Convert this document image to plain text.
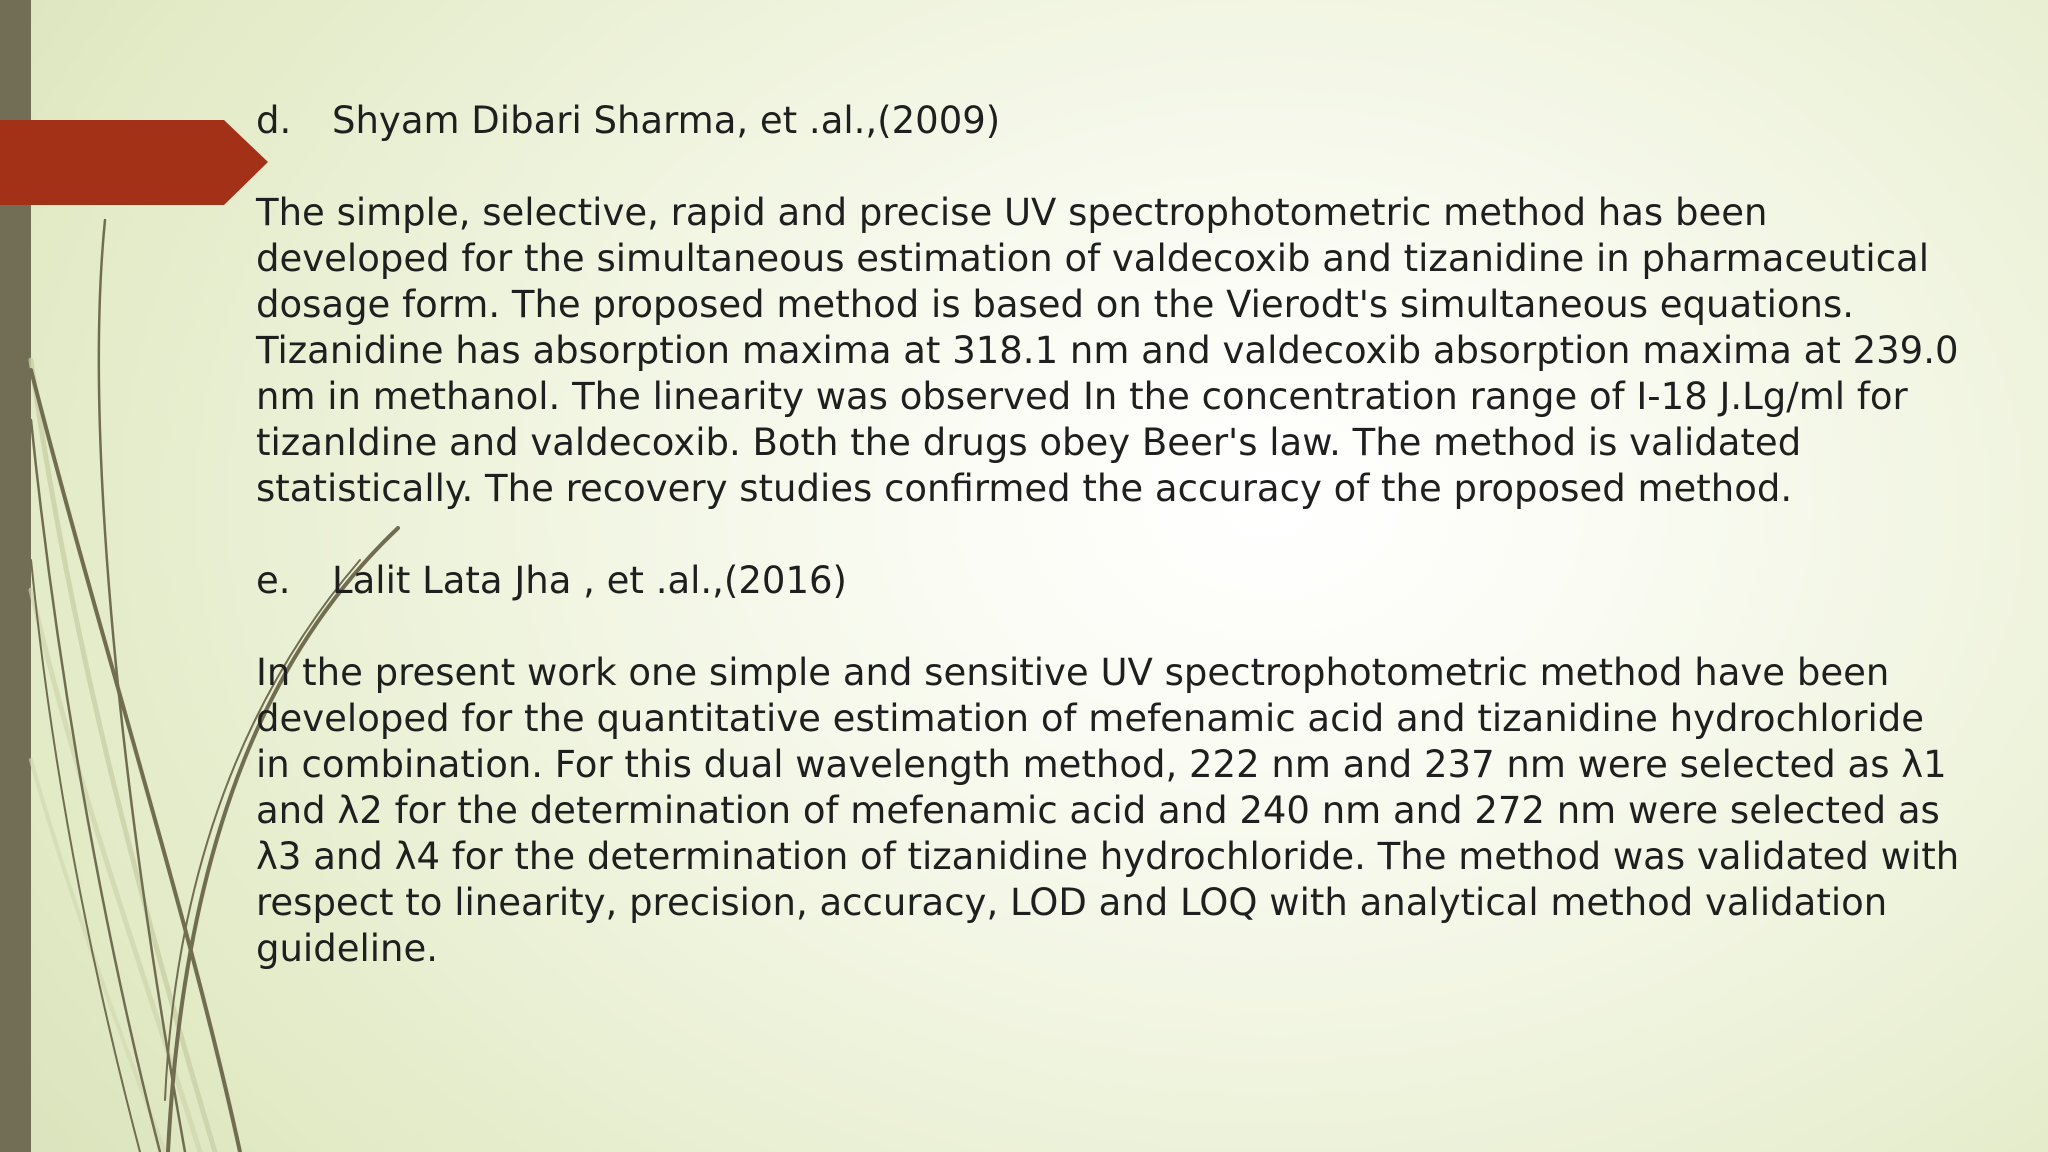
d.	Shyam Dibari Sharma, et .al.,(2009)
The simple, selective, rapid and precise UV spectrophotometric method has been
developed for the simultaneous estimation of valdecoxib and tizanidine in pharmaceutical
dosage form. The proposed method is based on the Vierodt's simultaneous equations.
Tizanidine has absorption maxima at 318.1 nm and valdecoxib absorption maxima at 239.0
nm in methanol. The linearity was observed In the concentration range of I-18 J.Lg/ml for
tizanIdine and valdecoxib. Both the drugs obey Beer's law. The method is validated
statistically. The recovery studies confirmed the accuracy of the proposed method.
e.	Lalit Lata Jha , et .al.,(2016)
In the present work one simple and sensitive UV spectrophotometric method have been
developed for the quantitative estimation of mefenamic acid and tizanidine hydrochloride
in combination. For this dual wavelength method, 222 nm and 237 nm were selected as λ1
and λ2 for the determination of mefenamic acid and 240 nm and 272 nm were selected as
λ3 and λ4 for the determination of tizanidine hydrochloride. The method was validated with
respect to linearity, precision, accuracy, LOD and LOQ with analytical method validation
guideline.
